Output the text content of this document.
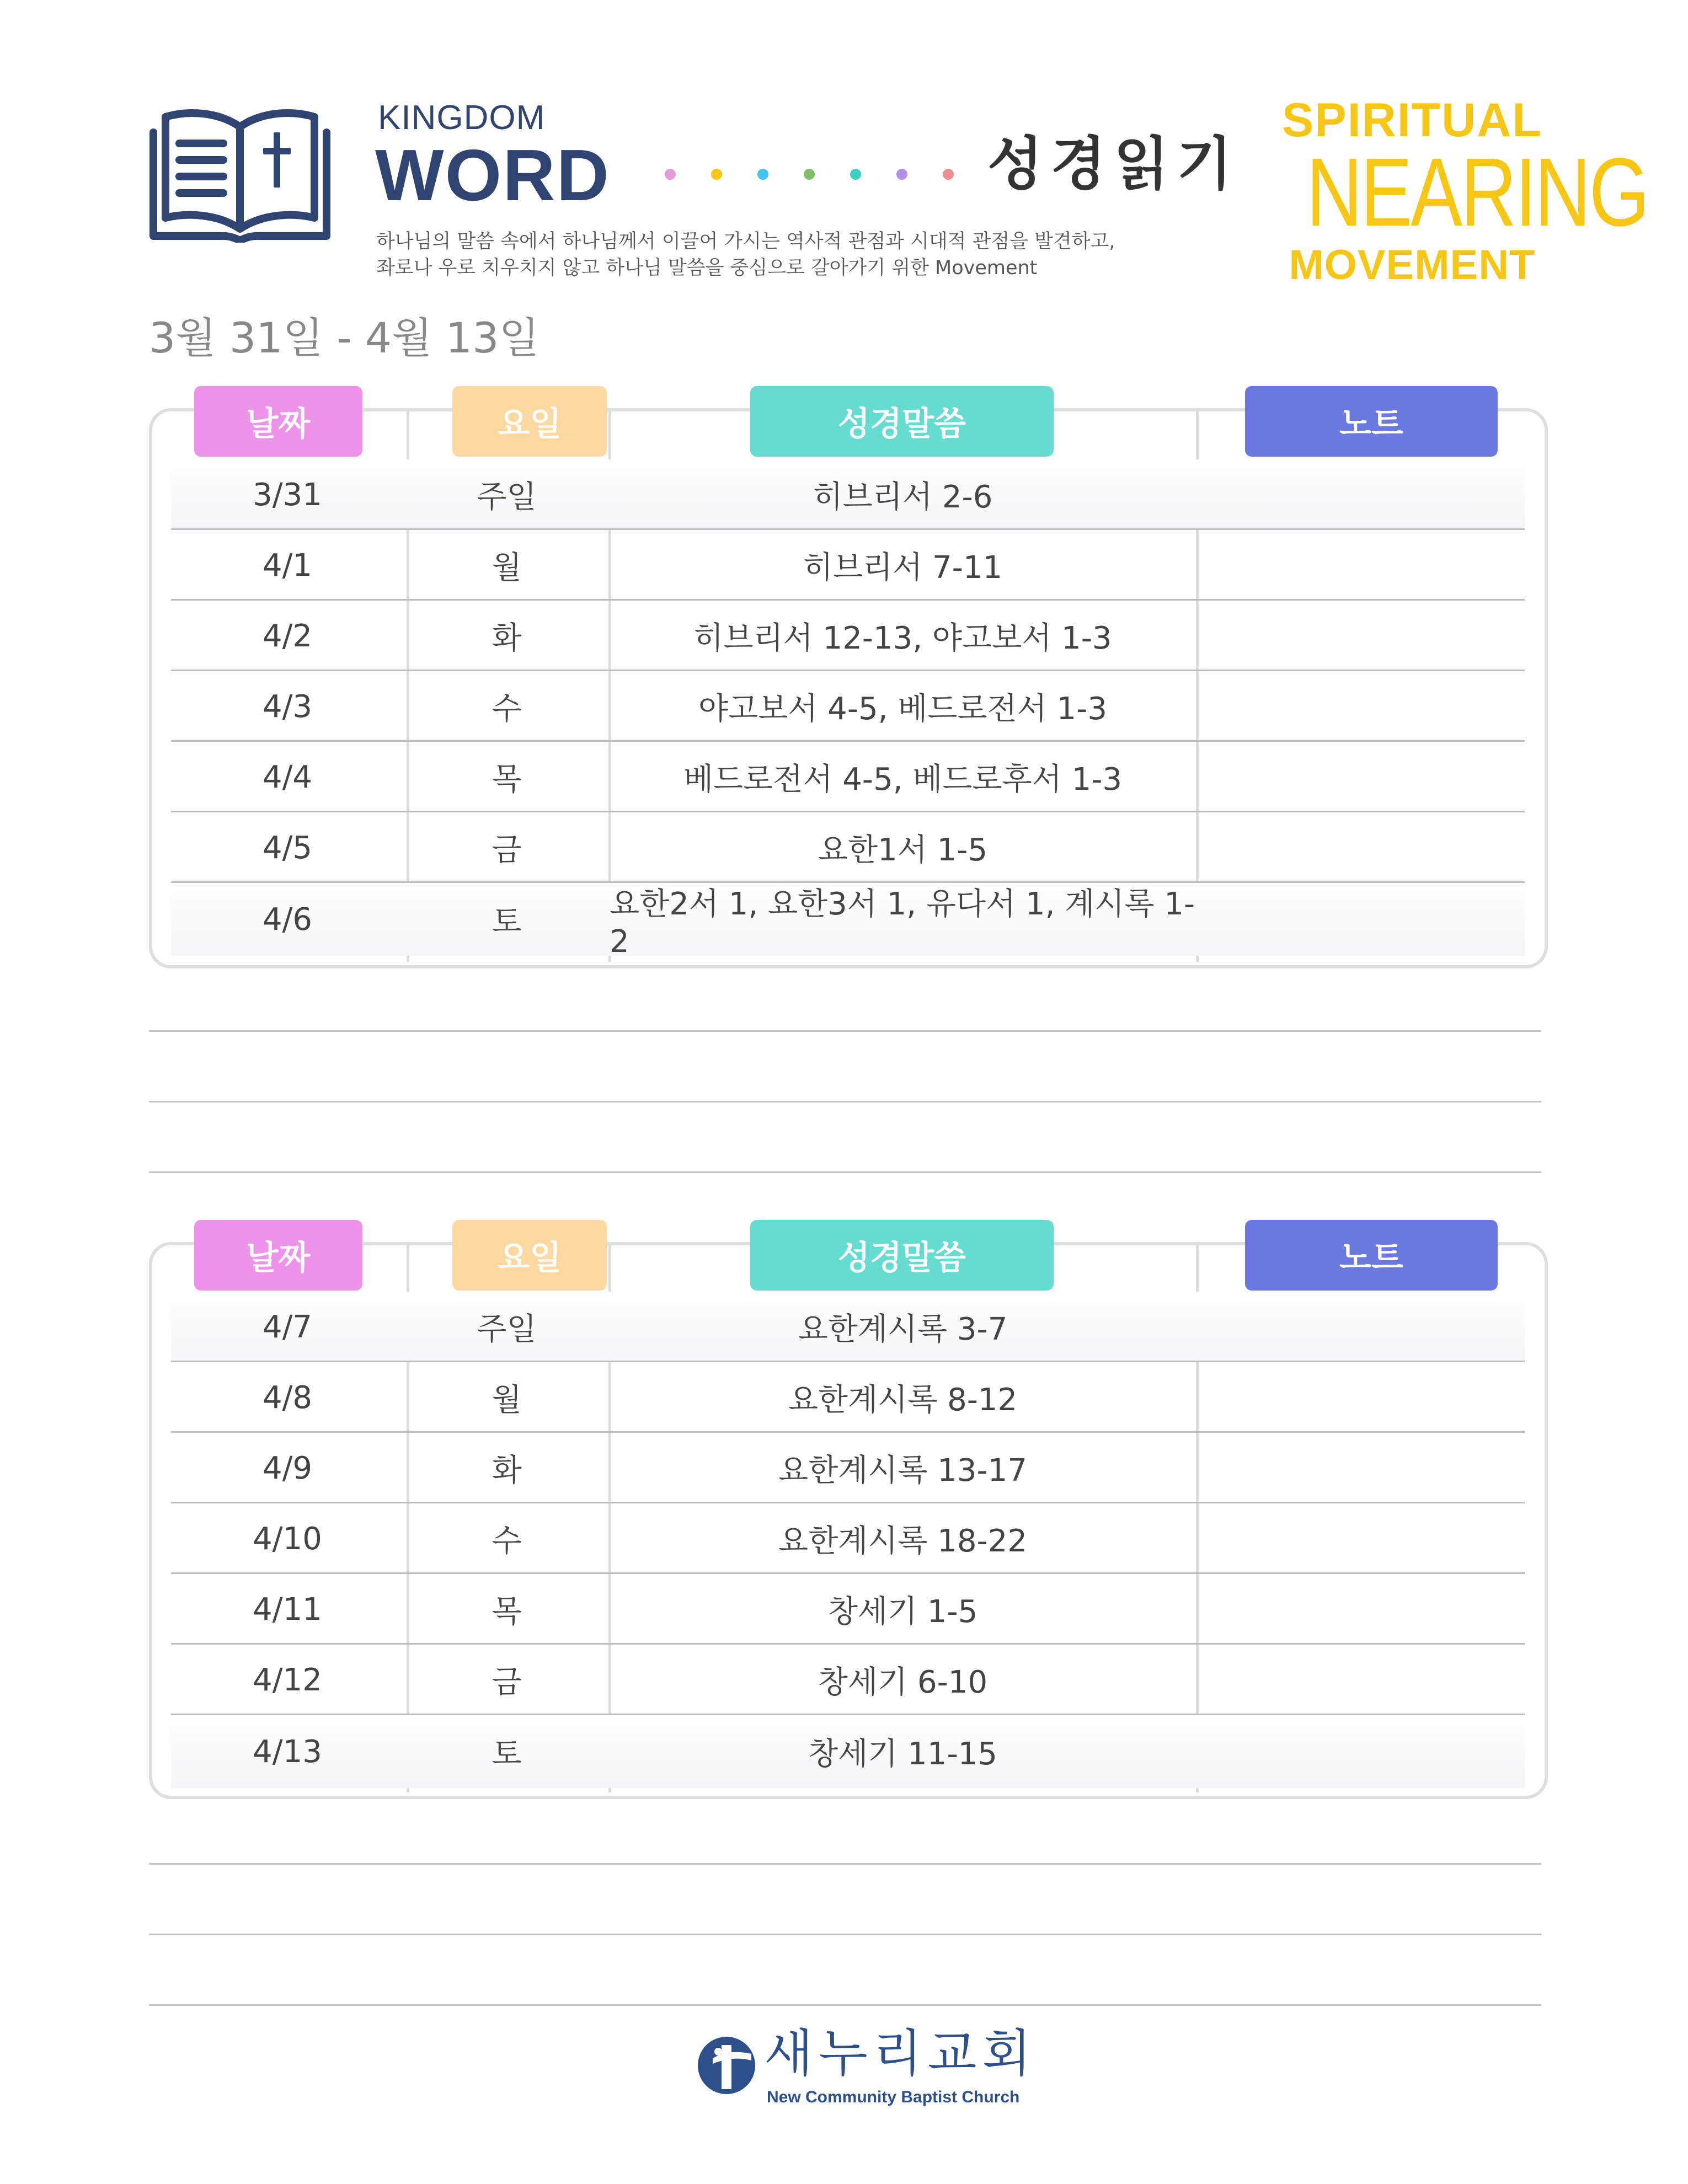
KINGDOM
WORD	성경읽기
하나님의 말씀 속에서 하나님께서 이끌어 가시는 역사적 관점과 시대적 관점을 발견하고,
좌로나 우로 치우치지 않고 하나님 말씀을 중심으로 갈아가기 위한 Movement
SPIRITUAL
NEARING
MOVEMENT
3월 31일 - 4월 13일
날짜	요일	성경말씀	노트
3/31	주일	히브리서 2-6
4/1	월	히브리서 7-11
4/2	화	히브리서 12-13, 야고보서 1-3
4/3	수	야고보서 4-5, 베드로전서 1-3
4/4	목	베드로전서 4-5, 베드로후서 1-3
4/5	금	요한1서 1-5
4/6	토	요한2서 1, 요한3서 1, 유다서 1, 계시록 1-2
날짜	요일	성경말씀	노트
4/7	주일	요한계시록 3-7
4/8	월	요한계시록 8-12
4/9	화	요한계시록 13-17
4/10	수	요한계시록 18-22
4/11	목	창세기 1-5
4/12	금	창세기 6-10
4/13	토	창세기 11-15
새누리교회
New Community Baptist Church
